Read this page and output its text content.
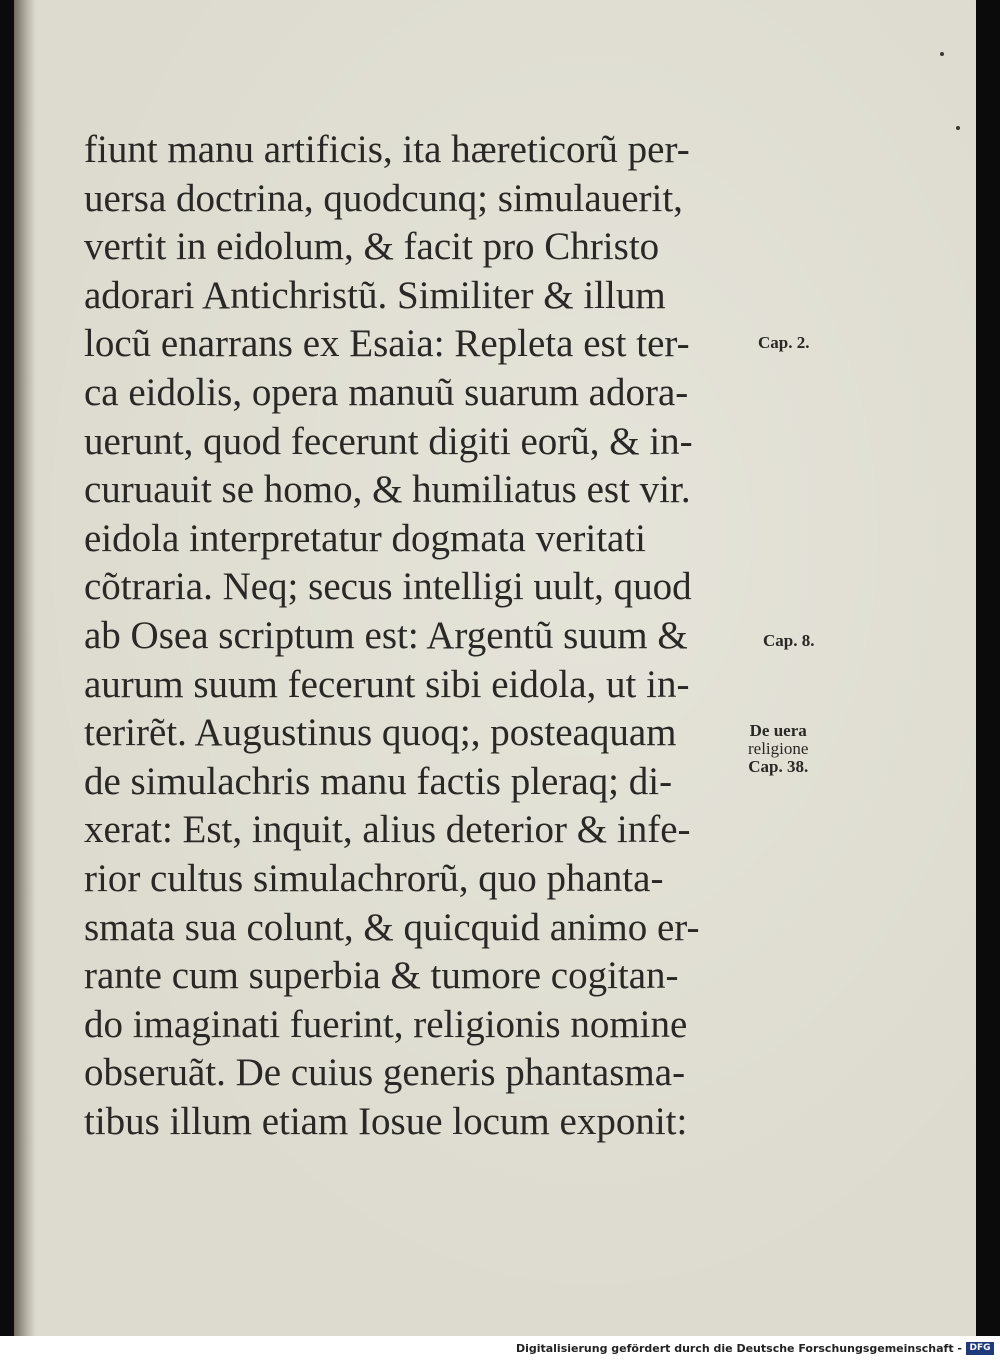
fiunt manu artificis, ita hæreticorũ per-
uersa doctrina, quodcunq; simulauerit,
vertit in eidolum, & facit pro Christo
adorari Antichristũ. Similiter & illum
locũ enarrans ex Esaia: Repleta est ter-
ca eidolis, opera manuũ suarum adora-
uerunt, quod fecerunt digiti eorũ, & in-
curuauit se homo, & humiliatus est vir.
eidola interpretatur dogmata veritati
cõtraria. Neq; secus intelligi uult, quod
ab Osea scriptum est: Argentũ suum &
aurum suum fecerunt sibi eidola, ut in-
terirẽt. Augustinus quoq;, posteaquam
de simulachris manu factis pleraq; di-
xerat: Est, inquit, alius deterior & infe-
rior cultus simulachrorũ, quo phanta-
smata sua colunt, & quicquid animo er-
rante cum superbia & tumore cogitan-
do imaginati fuerint, religionis nomine
obseruãt. De cuius generis phantasma-
tibus illum etiam Iosue locum exponit:
Cap. 2.
Cap. 8.
De uera
religione
Cap. 38.
Digitalisierung gefördert durch die Deutsche Forschungsgemeinschaft - DFG
